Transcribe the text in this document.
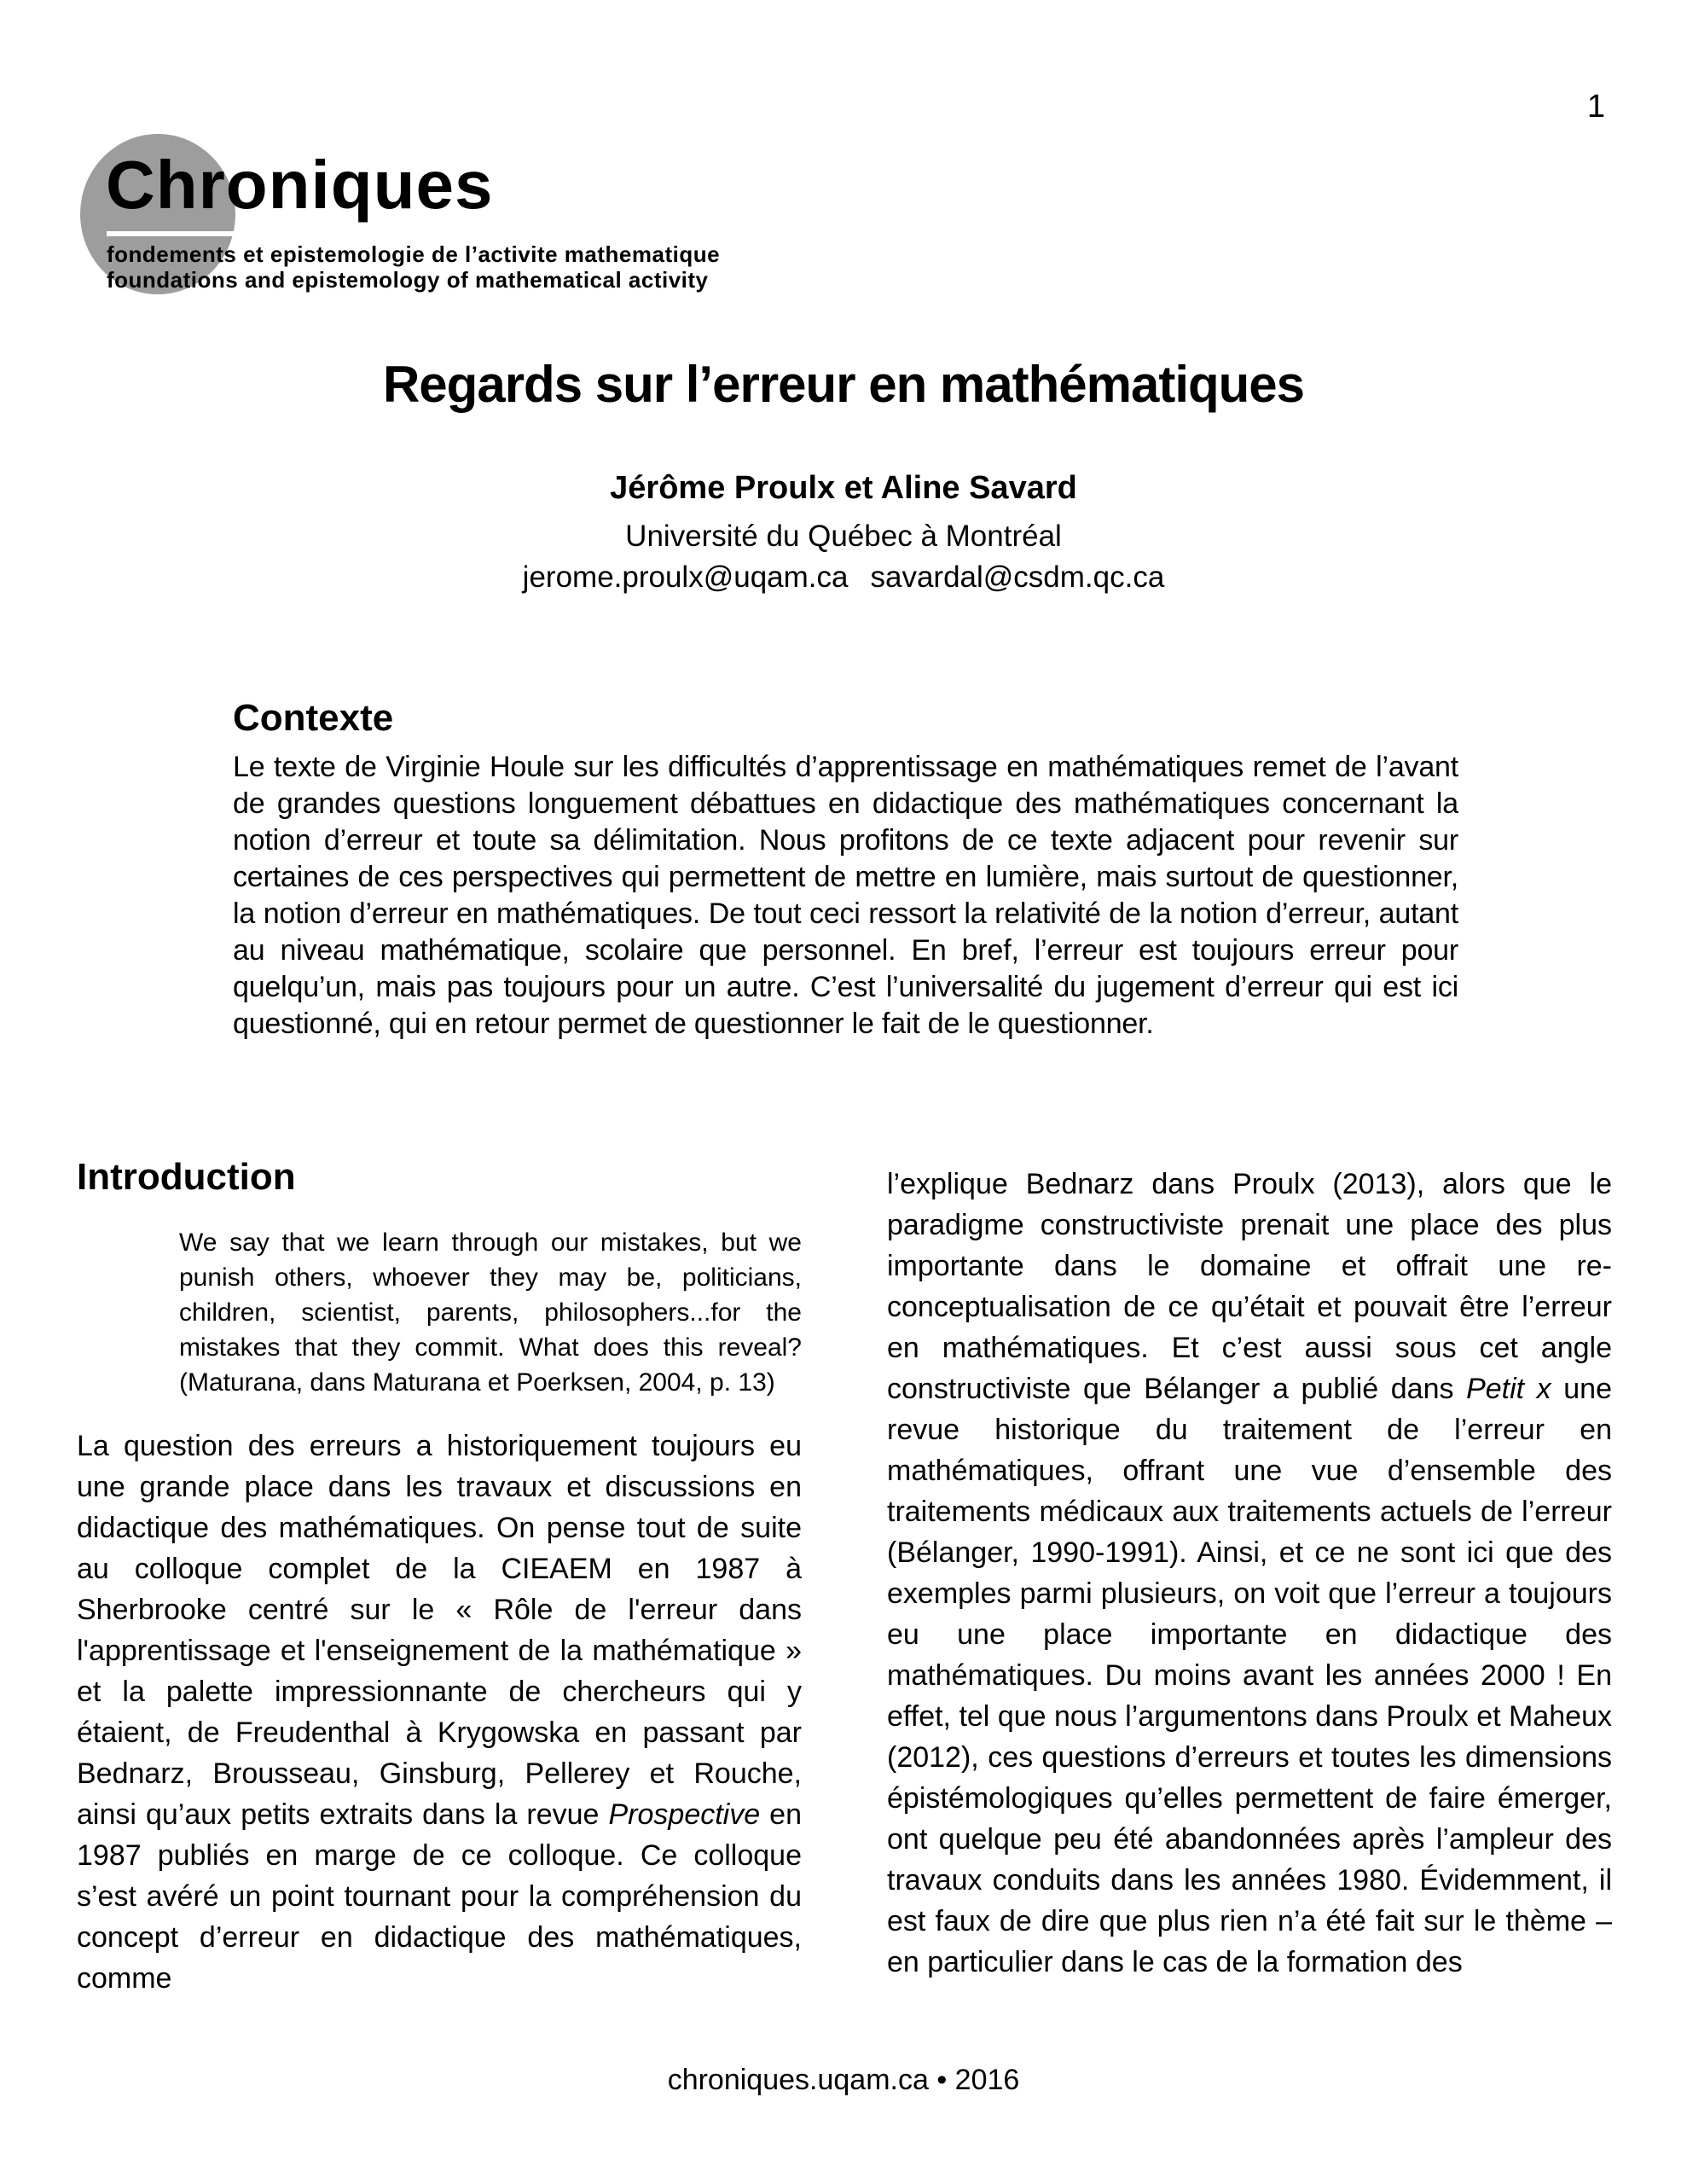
1
Chroniques
fondements et epistemologie de l’activite mathematique
foundations and epistemology of mathematical activity
Regards sur l’erreur en mathématiques
Jérôme Proulx et Aline Savard
Université du Québec à Montréal
jerome.proulx@uqam.ca savardal@csdm.qc.ca
Contexte
Le texte de Virginie Houle sur les difficultés d’apprentissage en mathématiques remet de l’avant de grandes questions longuement débattues en didactique des mathématiques concernant la notion d’erreur et toute sa délimitation. Nous profitons de ce texte adjacent pour revenir sur certaines de ces perspectives qui permettent de mettre en lumière, mais surtout de questionner, la notion d’erreur en mathématiques. De tout ceci ressort la relativité de la notion d’erreur, autant au niveau mathématique, scolaire que personnel. En bref, l’erreur est toujours erreur pour quelqu’un, mais pas toujours pour un autre. C’est l’universalité du jugement d’erreur qui est ici questionné, qui en retour permet de questionner le fait de le questionner.
Introduction
We say that we learn through our mistakes, but we punish others, whoever they may be, politicians, children, scientist, parents, philosophers...for the mistakes that they commit. What does this reveal? (Maturana, dans Maturana et Poerksen, 2004, p. 13)
La question des erreurs a historiquement toujours eu une grande place dans les travaux et discussions en didactique des mathématiques. On pense tout de suite au colloque complet de la CIEAEM en 1987 à Sherbrooke centré sur le « Rôle de l'erreur dans l'apprentissage et l'enseignement de la mathématique » et la palette impressionnante de chercheurs qui y étaient, de Freudenthal à Krygowska en passant par Bednarz, Brousseau, Ginsburg, Pellerey et Rouche, ainsi qu’aux petits extraits dans la revue Prospective en 1987 publiés en marge de ce colloque. Ce colloque s’est avéré un point tournant pour la compréhension du concept d’erreur en didactique des mathématiques, comme
l’explique Bednarz dans Proulx (2013), alors que le paradigme constructiviste prenait une place des plus importante dans le domaine et offrait une re-conceptualisation de ce qu’était et pouvait être l’erreur en mathématiques. Et c’est aussi sous cet angle constructiviste que Bélanger a publié dans Petit x une revue historique du traitement de l’erreur en mathématiques, offrant une vue d’ensemble des traitements médicaux aux traitements actuels de l’erreur (Bélanger, 1990-1991). Ainsi, et ce ne sont ici que des exemples parmi plusieurs, on voit que l’erreur a toujours eu une place importante en didactique des mathématiques. Du moins avant les années 2000 ! En effet, tel que nous l’argumentons dans Proulx et Maheux (2012), ces questions d’erreurs et toutes les dimensions épistémologiques qu’elles permettent de faire émerger, ont quelque peu été abandonnées après l’ampleur des travaux conduits dans les années 1980. Évidemment, il est faux de dire que plus rien n’a été fait sur le thème – en particulier dans le cas de la formation des
chroniques.uqam.ca • 2016
